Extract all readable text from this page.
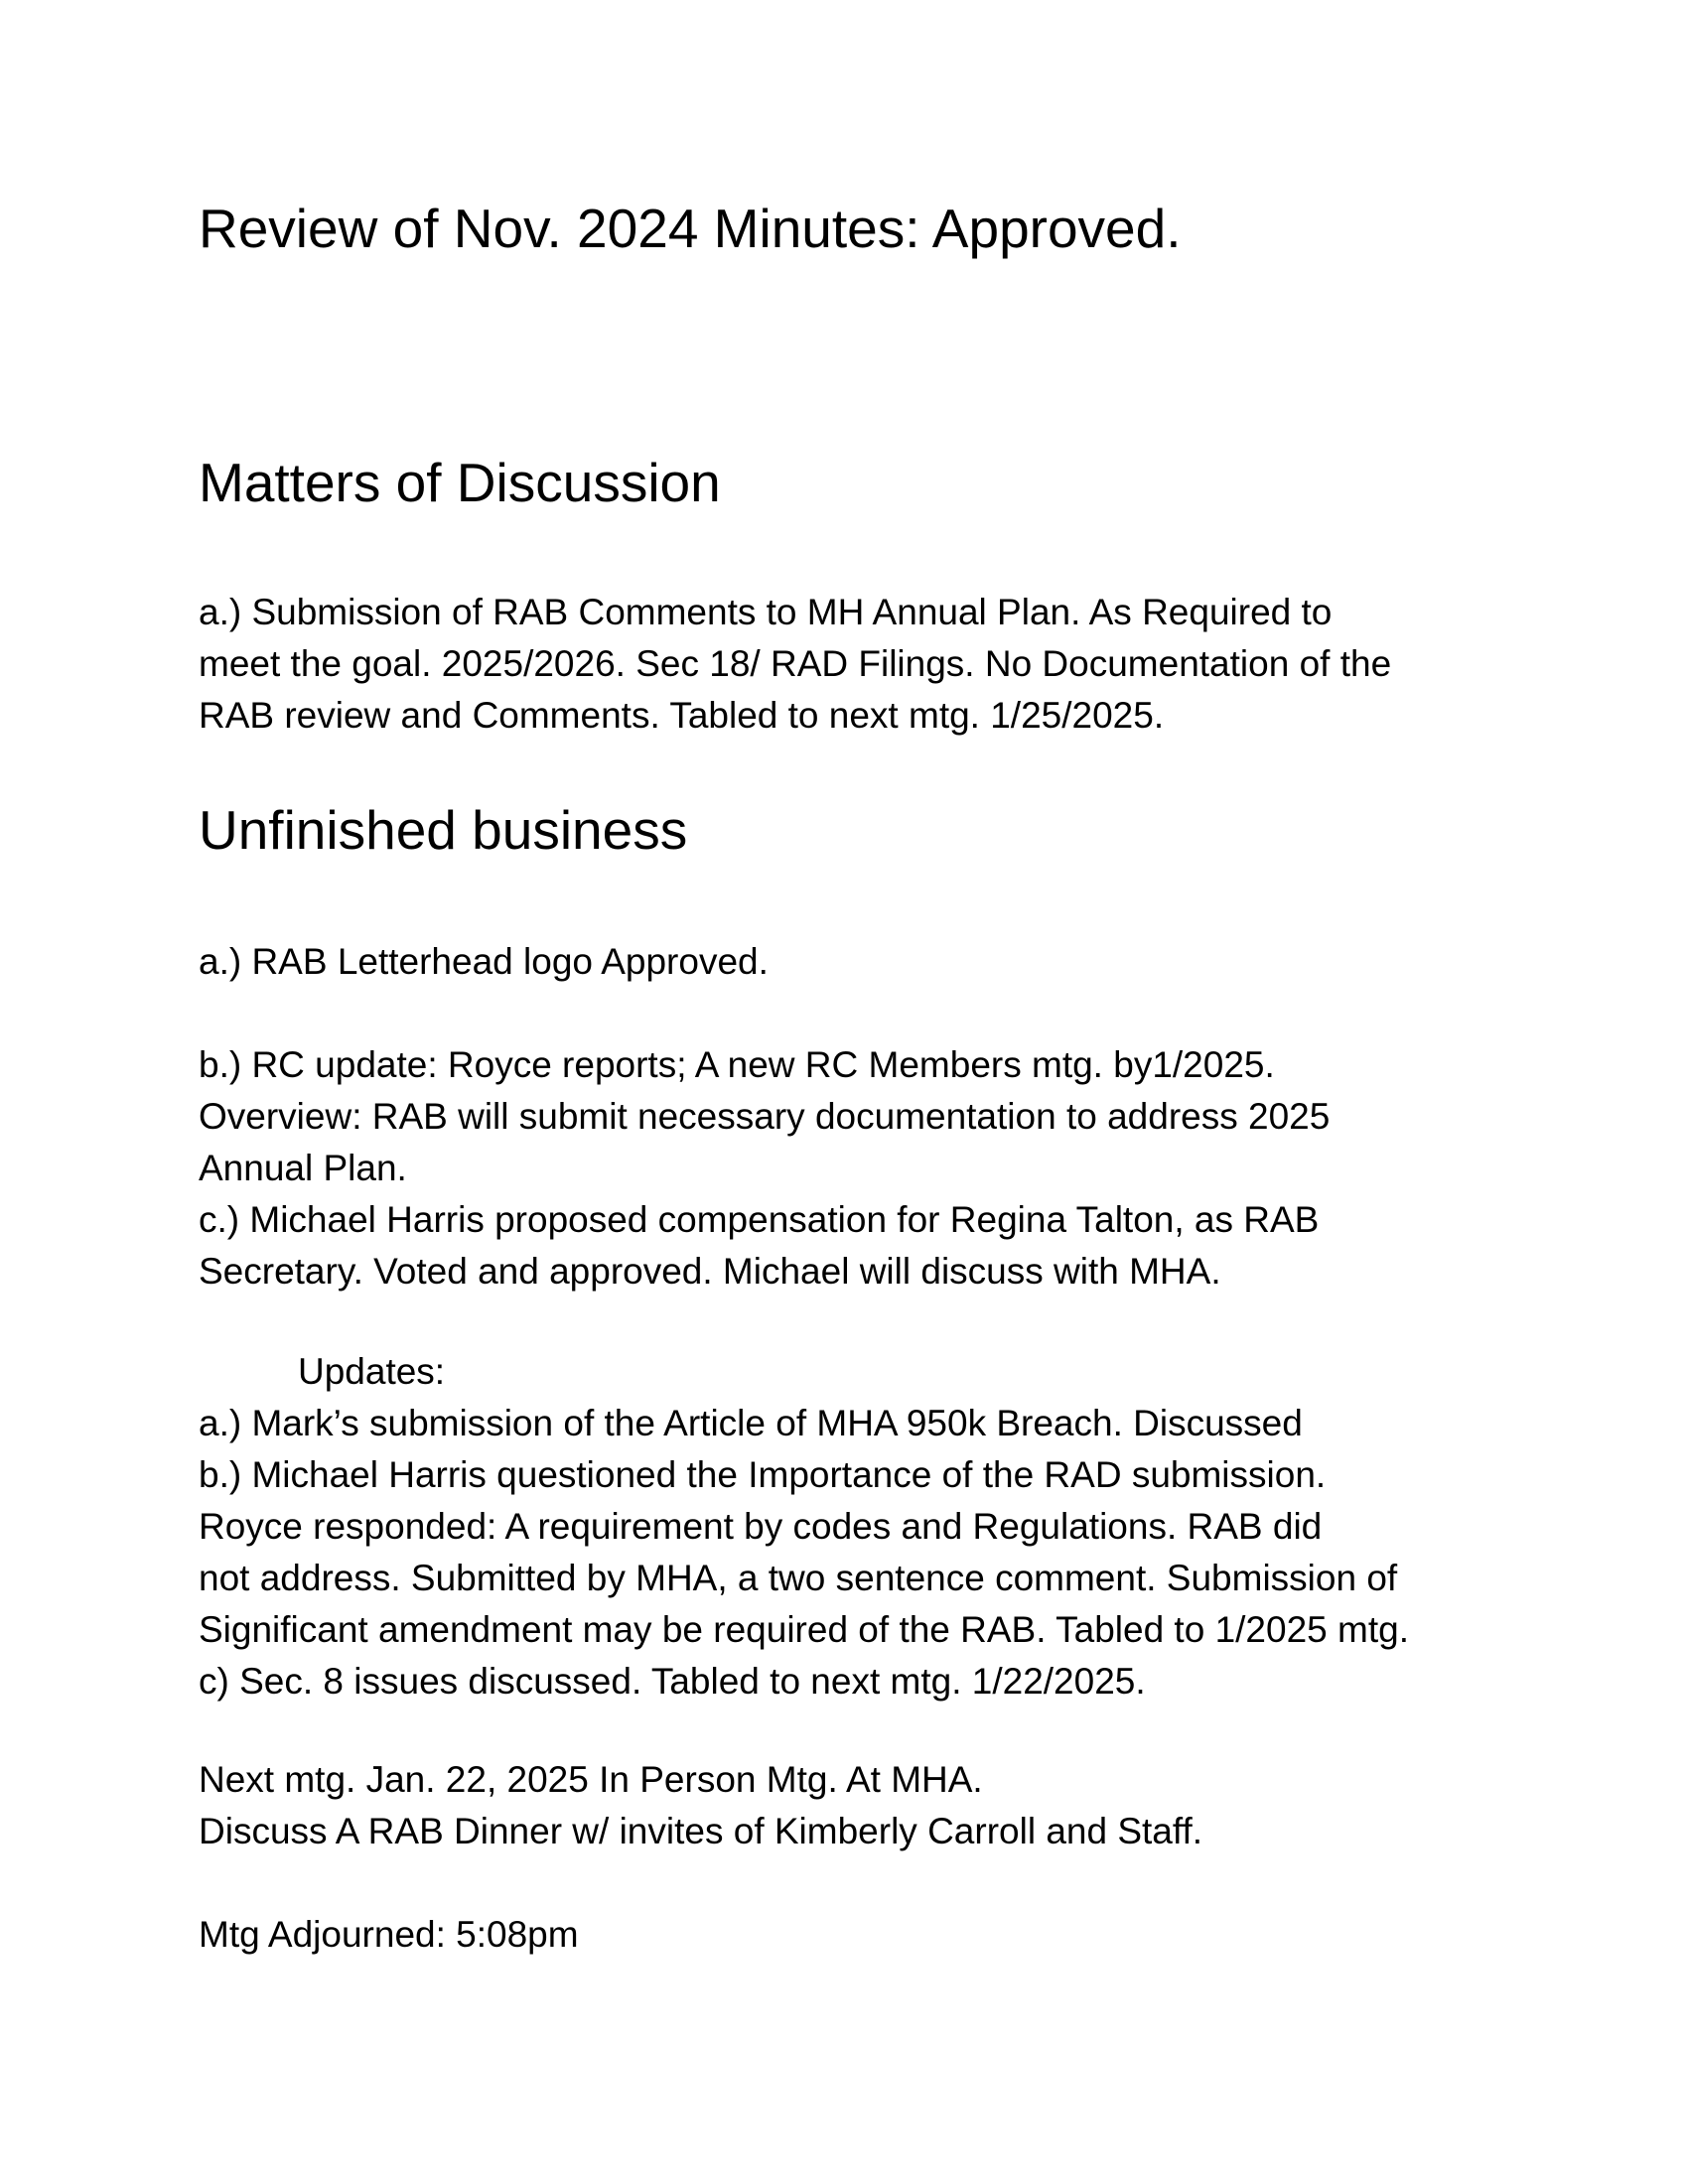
Review of Nov. 2024 Minutes: Approved.
Matters of Discussion
a.) Submission of RAB Comments to MH Annual Plan. As Required to
meet the goal. 2025/2026. Sec 18/ RAD Filings. No Documentation of the
RAB review and Comments. Tabled to next mtg. 1/25/2025.
Unfinished business
a.) RAB Letterhead logo Approved.
b.) RC update: Royce reports; A new RC Members mtg. by1/2025.
Overview: RAB will submit necessary documentation to address 2025
Annual Plan.
c.) Michael Harris proposed compensation for Regina Talton, as RAB
Secretary. Voted and approved. Michael will discuss with MHA.
Updates:
a.) Mark’s submission of the Article of MHA 950k Breach. Discussed
b.) Michael Harris questioned the Importance of the RAD submission.
Royce responded: A requirement by codes and Regulations. RAB did
not address. Submitted by MHA, a two sentence comment. Submission of
Significant amendment may be required of the RAB. Tabled to 1/2025 mtg.
c) Sec. 8 issues discussed. Tabled to next mtg. 1/22/2025.
Next mtg. Jan. 22, 2025 In Person Mtg. At MHA.
Discuss A RAB Dinner w/ invites of Kimberly Carroll and Staff.
Mtg Adjourned: 5:08pm
